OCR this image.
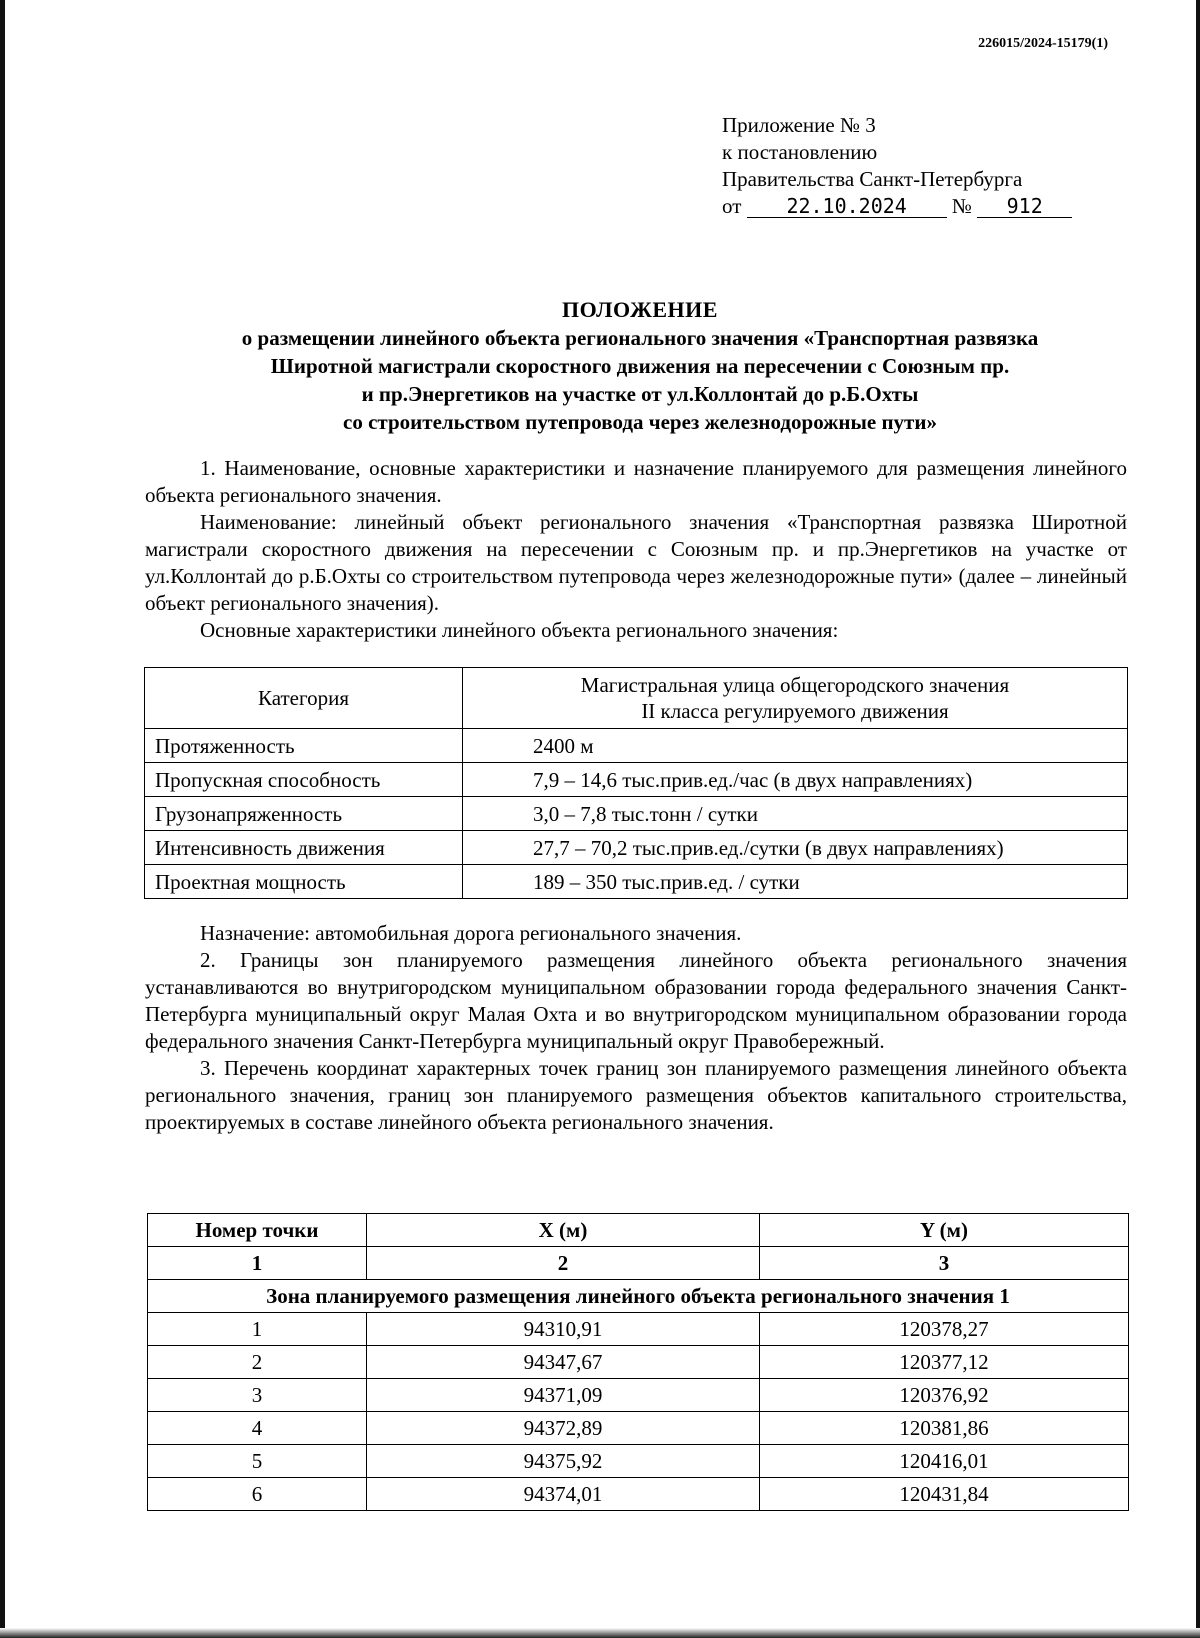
226015/2024-15179(1)
Приложение № 3
к постановлению
Правительства Санкт-Петербурга
от 22.10.2024 № 912
ПОЛОЖЕНИЕ
о размещении линейного объекта регионального значения «Транспортная развязка
Широтной магистрали скоростного движения на пересечении с Союзным пр.
и пр.Энергетиков на участке от ул.Коллонтай до р.Б.Охты
со строительством путепровода через железнодорожные пути»

1. Наименование, основные характеристики и назначение планируемого для размещения линейного объекта регионального значения.

Наименование: линейный объект регионального значения «Транспортная развязка Широтной магистрали скоростного движения на пересечении с Союзным пр. и пр.Энергетиков на участке от ул.Коллонтай до р.Б.Охты со строительством путепровода через железнодорожные пути» (далее – линейный объект регионального значения).

Основные характеристики линейного объекта регионального значения:

Категория	Магистральная улица общегородского значения
II класса регулируемого движения

Протяженность	2400 м
Пропускная способность	7,9 – 14,6 тыс.прив.ед./час (в двух направлениях)
Грузонапряженность	3,0 – 7,8 тыс.тонн / сутки
Интенсивность движения	27,7 – 70,2 тыс.прив.ед./сутки (в двух направлениях)
Проектная мощность	189 – 350 тыс.прив.ед. / сутки

Назначение: автомобильная дорога регионального значения.

2. Границы зон планируемого размещения линейного объекта регионального значения устанавливаются во внутригородском муниципальном образовании города федерального значения Санкт-Петербурга муниципальный округ Малая Охта и во внутригородском муниципальном образовании города федерального значения Санкт-Петербурга муниципальный округ Правобережный.

3. Перечень координат характерных точек границ зон планируемого размещения линейного объекта регионального значения, границ зон планируемого размещения объектов капитального строительства, проектируемых в составе линейного объекта регионального значения.

Номер точки	X (м)	Y (м)
1	2	3
Зона планируемого размещения линейного объекта регионального значения 1		
1	94310,91	120378,27
2	94347,67	120377,12
3	94371,09	120376,92
4	94372,89	120381,86
5	94375,92	120416,01
6	94374,01	120431,84
